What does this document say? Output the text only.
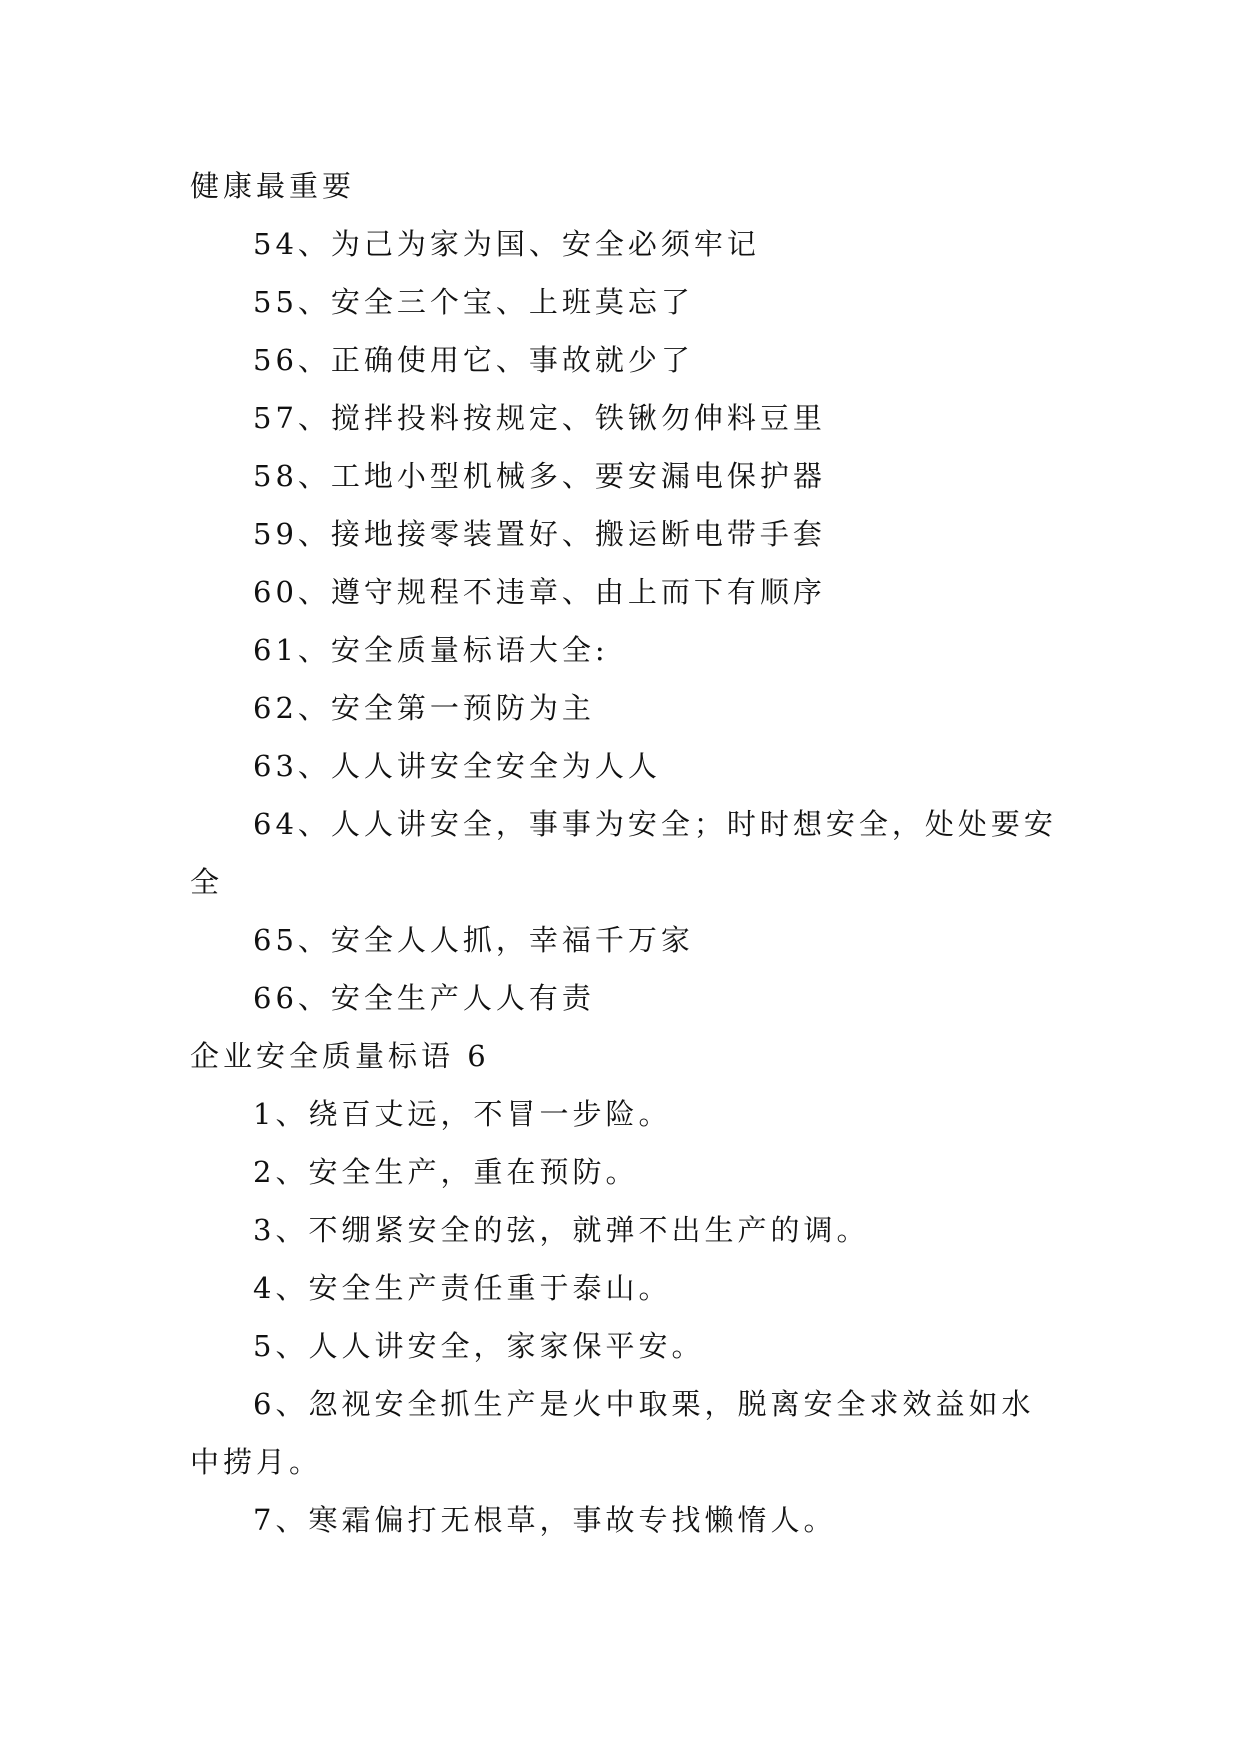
健康最重要
54、为己为家为国、安全必须牢记
55、安全三个宝、上班莫忘了
56、正确使用它、事故就少了
57、搅拌投料按规定、铁锹勿伸料豆里
58、工地小型机械多、要安漏电保护器
59、接地接零装置好、搬运断电带手套
60、遵守规程不违章、由上而下有顺序
61、安全质量标语大全:
62、安全第一预防为主
63、人人讲安全安全为人人
64、人人讲安全，事事为安全；时时想安全，处处要安
全
65、安全人人抓，幸福千万家
66、安全生产人人有责
企业安全质量标语 6
1、绕百丈远，不冒一步险。
2、安全生产，重在预防。
3、不绷紧安全的弦，就弹不出生产的调。
4、安全生产责任重于泰山。
5、人人讲安全，家家保平安。
6、忽视安全抓生产是火中取栗，脱离安全求效益如水
中捞月。
7、寒霜偏打无根草，事故专找懒惰人。
